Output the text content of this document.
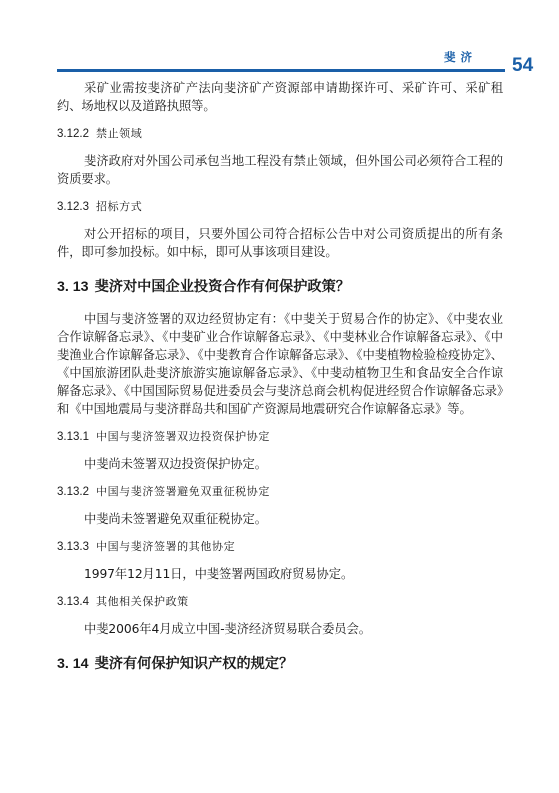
斐济 54

采矿业需按斐济矿产法向斐济矿产资源部申请勘探许可、采矿许可、采矿租约、场地权以及道路执照等。

3.12.2 禁止领域

斐济政府对外国公司承包当地工程没有禁止领域，但外国公司必须符合工程的资质要求。

3.12.3 招标方式

对公开招标的项目，只要外国公司符合招标公告中对公司资质提出的所有条件，即可参加投标。如中标，即可从事该项目建设。

3. 13 斐济对中国企业投资合作有何保护政策？

中国与斐济签署的双边经贸协定有：《中斐关于贸易合作的协定》、《中斐农业合作谅解备忘录》、《中斐矿业合作谅解备忘录》、《中斐林业合作谅解备忘录》、《中斐渔业合作谅解备忘录》、《中斐教育合作谅解备忘录》、《中斐植物检验检疫协定》、《中国旅游团队赴斐济旅游实施谅解备忘录》、《中斐动植物卫生和食品安全合作谅解备忘录》、《中国国际贸易促进委员会与斐济总商会机构促进经贸合作谅解备忘录》和《中国地震局与斐济群岛共和国矿产资源局地震研究合作谅解备忘录》等。

3.13.1 中国与斐济签署双边投资保护协定

中斐尚未签署双边投资保护协定。

3.13.2 中国与斐济签署避免双重征税协定

中斐尚未签署避免双重征税协定。

3.13.3 中国与斐济签署的其他协定

1997年12月11日，中斐签署两国政府贸易协定。

3.13.4 其他相关保护政策

中斐2006年4月成立中国-斐济经济贸易联合委员会。

3. 14 斐济有何保护知识产权的规定？
